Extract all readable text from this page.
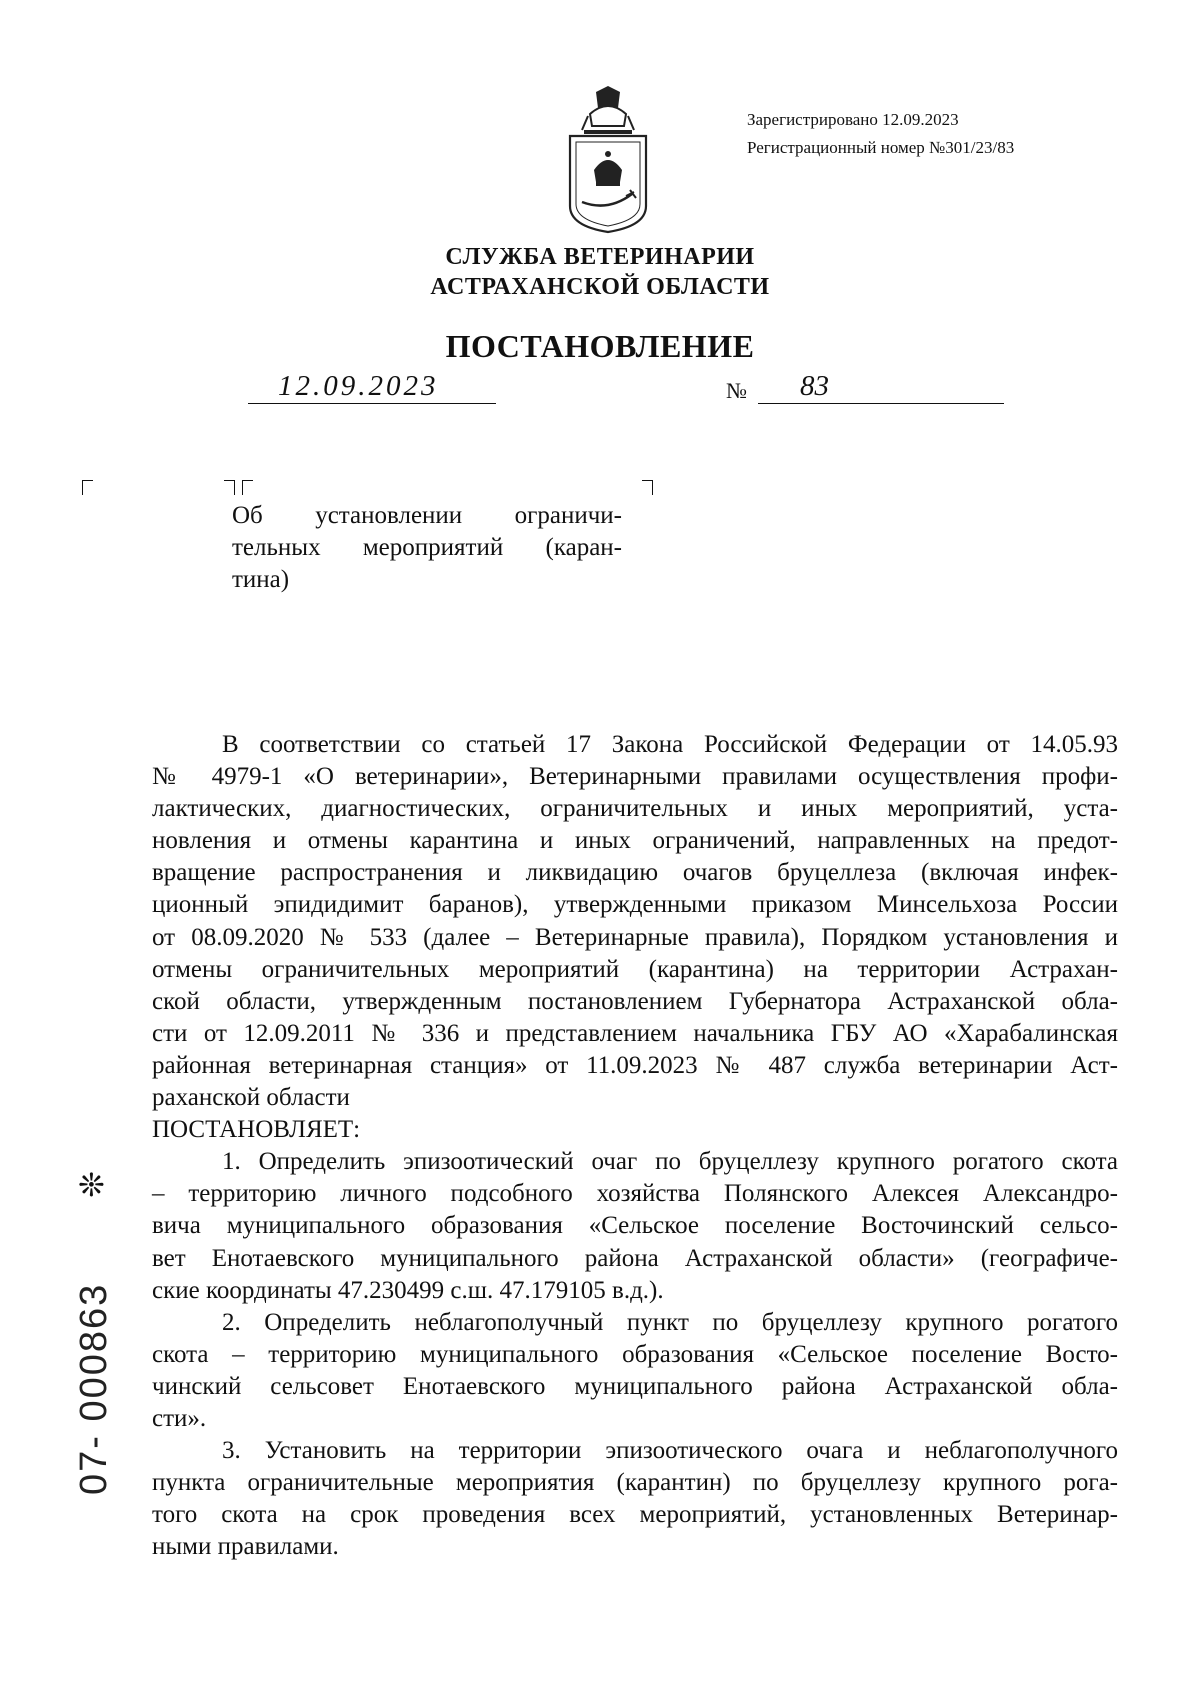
Зарегистрировано 12.09.2023
Регистрационный номер №301/23/83
СЛУЖБА ВЕТЕРИНАРИИ
АСТРАХАНСКОЙ ОБЛАСТИ
ПОСТАНОВЛЕНИЕ
12.09.2023	№ 83
Об установлении ограничи-
тельных мероприятий (каран-
тина)
В соответствии со статьей 17 Закона Российской Федерации от 14.05.93
№ 4979-1 «О ветеринарии», Ветеринарными правилами осуществления профи-
лактических, диагностических, ограничительных и иных мероприятий, уста-
новления и отмены карантина и иных ограничений, направленных на предот-
вращение распространения и ликвидацию очагов бруцеллеза (включая инфек-
ционный эпидидимит баранов), утвержденными приказом Минсельхоза России
от 08.09.2020 № 533 (далее – Ветеринарные правила), Порядком установления и
отмены ограничительных мероприятий (карантина) на территории Астрахан-
ской области, утвержденным постановлением Губернатора Астраханской обла-
сти от 12.09.2011 № 336 и представлением начальника ГБУ АО «Харабалинская
районная ветеринарная станция» от 11.09.2023 № 487 служба ветеринарии Аст-
раханской области
ПОСТАНОВЛЯЕТ:
1. Определить эпизоотический очаг по бруцеллезу крупного рогатого скота
– территорию личного подсобного хозяйства Полянского Алексея Александро-
вича муниципального образования «Сельское поселение Восточинский сельсо-
вет Енотаевского муниципального района Астраханской области» (географиче-
ские координаты 47.230499 с.ш. 47.179105 в.д.).
2. Определить неблагополучный пункт по бруцеллезу крупного рогатого
скота – территорию муниципального образования «Сельское поселение Восто-
чинский сельсовет Енотаевского муниципального района Астраханской обла-
сти».
3. Установить на территории эпизоотического очага и неблагополучного
пункта ограничительные мероприятия (карантин) по бруцеллезу крупного рога-
того скота на срок проведения всех мероприятий, установленных Ветеринар-
ными правилами.
❊
07- 000863
